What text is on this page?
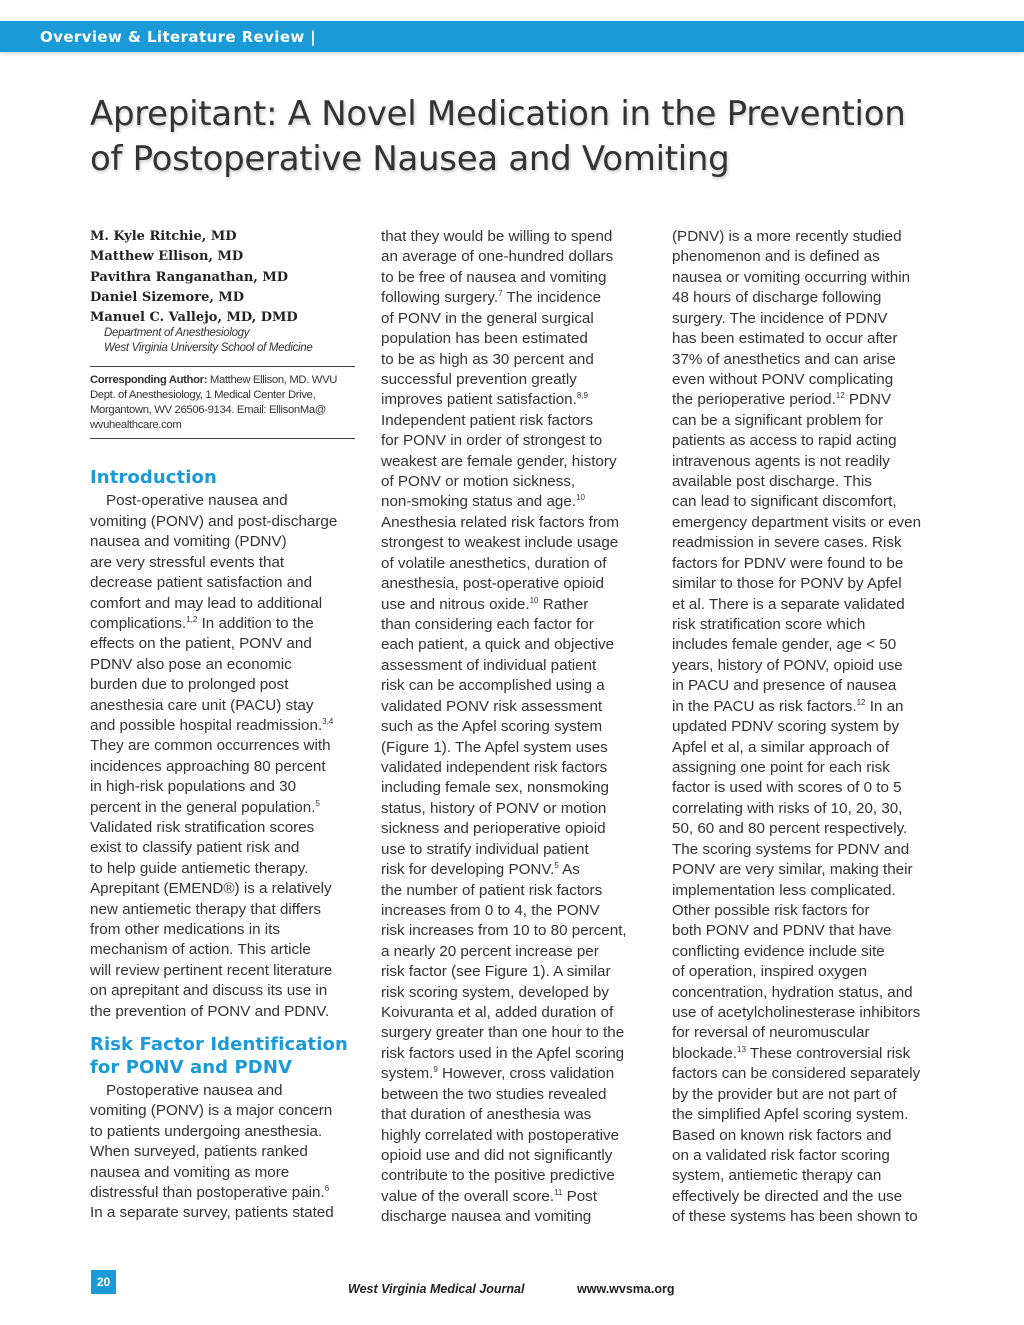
Overview & Literature Review |
Aprepitant: A Novel Medication in the Prevention
of Postoperative Nausea and Vomiting
M. Kyle Ritchie, MD
Matthew Ellison, MD
Pavithra Ranganathan, MD
Daniel Sizemore, MD
Manuel C. Vallejo, MD, DMD
Department of Anesthesiology
West Virginia University School of Medicine
Corresponding Author: Matthew Ellison, MD. WVU
Dept. of Anesthesiology, 1 Medical Center Drive,
Morgantown, WV 26506-9134. Email: EllisonMa@
wvuhealthcare.com
Introduction
Post-operative nausea and
vomiting (PONV) and post-discharge
nausea and vomiting (PDNV)
are very stressful events that
decrease patient satisfaction and
comfort and may lead to additional
complications.$^{1,2}$ In addition to the
effects on the patient, PONV and
PDNV also pose an economic
burden due to prolonged post
anesthesia care unit (PACU) stay
and possible hospital readmission.$^{3,4}$
They are common occurrences with
incidences approaching 80 percent
in high-risk populations and 30
percent in the general population.$^5$
Validated risk stratification scores
exist to classify patient risk and
to help guide antiemetic therapy.
Aprepitant (EMEND®) is a relatively
new antiemetic therapy that differs
from other medications in its
mechanism of action. This article
will review pertinent recent literature
on aprepitant and discuss its use in
the prevention of PONV and PDNV.
Risk Factor Identification
for PONV and PDNV
Postoperative nausea and
vomiting (PONV) is a major concern
to patients undergoing anesthesia.
When surveyed, patients ranked
nausea and vomiting as more
distressful than postoperative pain.$^6$
In a separate survey, patients stated
that they would be willing to spend
an average of one-hundred dollars
to be free of nausea and vomiting
following surgery.$^7$ The incidence
of PONV in the general surgical
population has been estimated
to be as high as 30 percent and
successful prevention greatly
improves patient satisfaction.$^{8,9}$
Independent patient risk factors
for PONV in order of strongest to
weakest are female gender, history
of PONV or motion sickness,
non-smoking status and age.$^{10}$
Anesthesia related risk factors from
strongest to weakest include usage
of volatile anesthetics, duration of
anesthesia, post-operative opioid
use and nitrous oxide.$^{10}$ Rather
than considering each factor for
each patient, a quick and objective
assessment of individual patient
risk can be accomplished using a
validated PONV risk assessment
such as the Apfel scoring system
(Figure 1). The Apfel system uses
validated independent risk factors
including female sex, nonsmoking
status, history of PONV or motion
sickness and perioperative opioid
use to stratify individual patient
risk for developing PONV.$^5$ As
the number of patient risk factors
increases from 0 to 4, the PONV
risk increases from 10 to 80 percent,
a nearly 20 percent increase per
risk factor (see Figure 1). A similar
risk scoring system, developed by
Koivuranta et al, added duration of
surgery greater than one hour to the
risk factors used in the Apfel scoring
system.$^9$ However, cross validation
between the two studies revealed
that duration of anesthesia was
highly correlated with postoperative
opioid use and did not significantly
contribute to the positive predictive
value of the overall score.$^{11}$ Post
discharge nausea and vomiting
(PDNV) is a more recently studied
phenomenon and is defined as
nausea or vomiting occurring within
48 hours of discharge following
surgery. The incidence of PDNV
has been estimated to occur after
37% of anesthetics and can arise
even without PONV complicating
the perioperative period.$^{12}$ PDNV
can be a significant problem for
patients as access to rapid acting
intravenous agents is not readily
available post discharge. This
can lead to significant discomfort,
emergency department visits or even
readmission in severe cases. Risk
factors for PDNV were found to be
similar to those for PONV by Apfel
et al. There is a separate validated
risk stratification score which
includes female gender, age < 50
years, history of PONV, opioid use
in PACU and presence of nausea
in the PACU as risk factors.$^{12}$ In an
updated PDNV scoring system by
Apfel et al, a similar approach of
assigning one point for each risk
factor is used with scores of 0 to 5
correlating with risks of 10, 20, 30,
50, 60 and 80 percent respectively.
The scoring systems for PDNV and
PONV are very similar, making their
implementation less complicated.
Other possible risk factors for
both PONV and PDNV that have
conflicting evidence include site
of operation, inspired oxygen
concentration, hydration status, and
use of acetylcholinesterase inhibitors
for reversal of neuromuscular
blockade.$^{13}$ These controversial risk
factors can be considered separately
by the provider but are not part of
the simplified Apfel scoring system.
Based on known risk factors and
on a validated risk factor scoring
system, antiemetic therapy can
effectively be directed and the use
of these systems has been shown to
20	West Virginia Medical Journal	www.wvsma.org
